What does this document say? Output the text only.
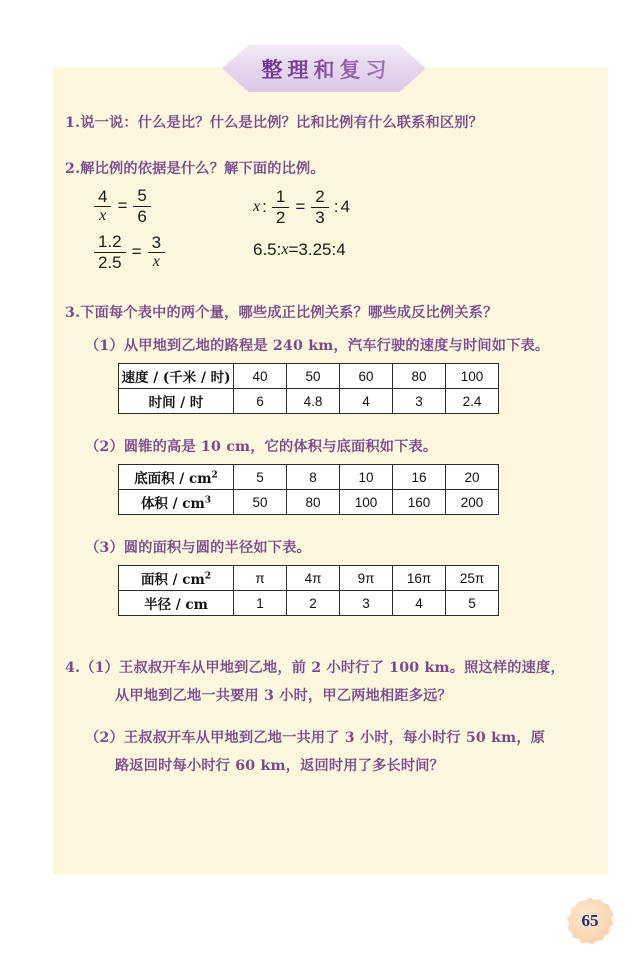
整理和复习
1.说一说：什么是比？什么是比例？比和比例有什么联系和区别？
2.解比例的依据是什么？解下面的比例。
$\frac{4}{x} = \frac{5}{6}$
$\frac{1.2}{2.5} = \frac{3}{x}$
x : $\frac{1}{2} = \frac{2}{3}$ : 4
6.5 : x = 3.25 : 4
3.下面每个表中的两个量，哪些成正比例关系？哪些成反比例关系？
（1）从甲地到乙地的路程是 240 km，汽车行驶的速度与时间如下表。
速度 / (千米 / 时)	40	50	60	80	100
时间 / 时	6	4.8	4	3	2.4
（2）圆锥的高是 10 cm，它的体积与底面积如下表。
底面积 / $cm^2$	5	8	10	16	20
体积 / $cm^3$	50	80	100	160	200
（3）圆的面积与圆的半径如下表。
面积 / $cm^2$	π	4π	9π	16π	25π
半径 / cm	1	2	3	4	5
4.（1）王叔叔开车从甲地到乙地，前 2 小时行了 100 km。照这样的速度，
从甲地到乙地一共要用 3 小时，甲乙两地相距多远？
（2）王叔叔开车从甲地到乙地一共用了 3 小时，每小时行 50 km，原
路返回时每小时行 60 km，返回时用了多长时间？
65
